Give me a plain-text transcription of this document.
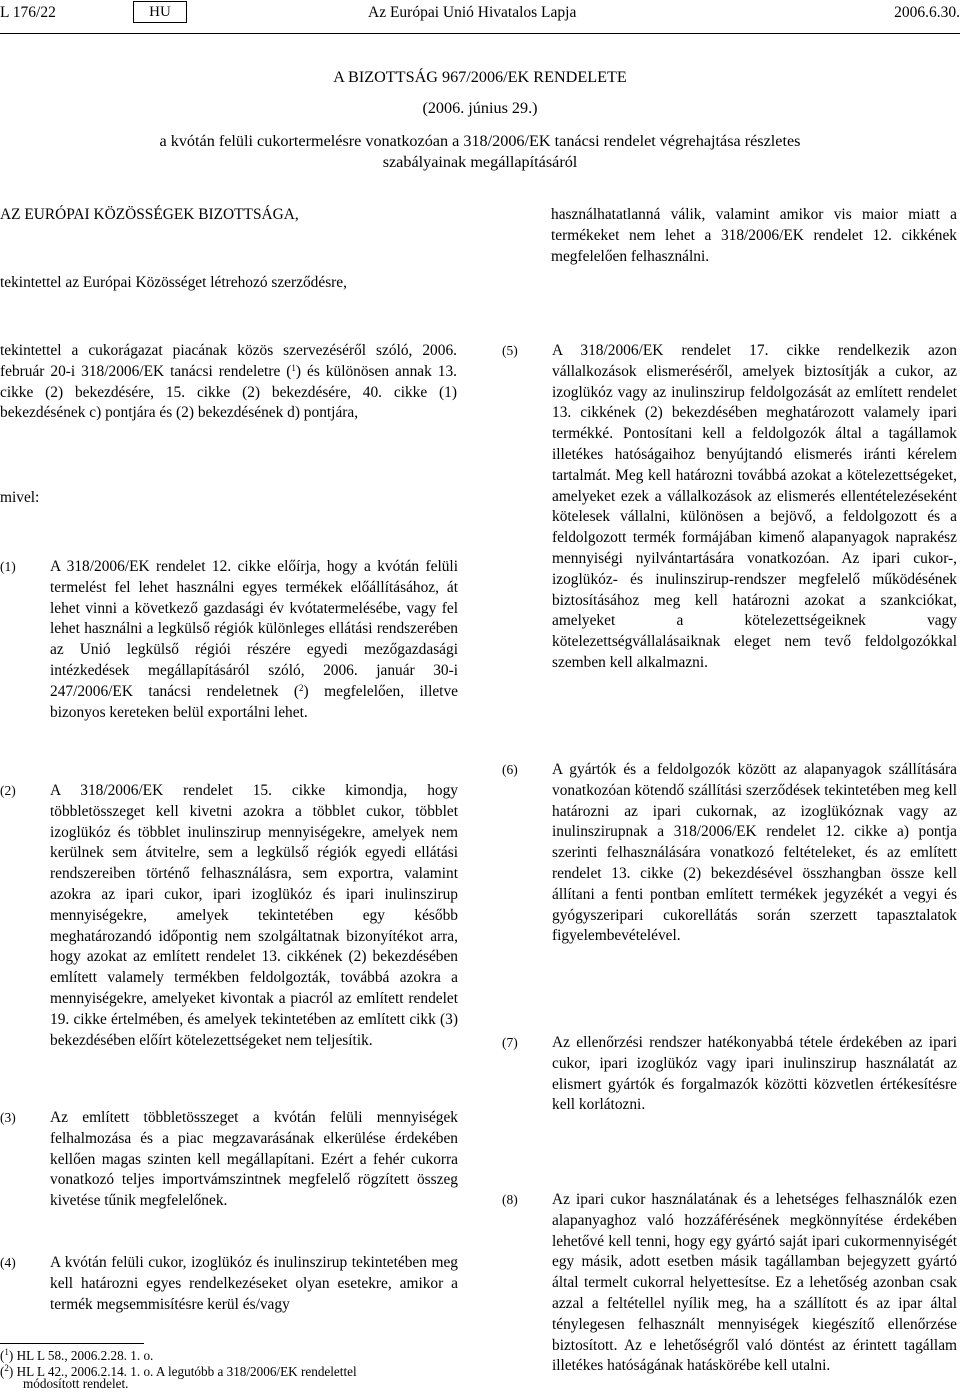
L 176/22	HU	Az Európai Unió Hivatalos Lapja	2006.6.30.
A BIZOTTSÁG 967/2006/EK RENDELETE
(2006. június 29.)
a kvótán felüli cukortermelésre vonatkozóan a 318/2006/EK tanácsi rendelet végrehajtása részletes
szabályainak megállapításáról
AZ EURÓPAI KÖZÖSSÉGEK BIZOTTSÁGA,
tekintettel az Európai Közösséget létrehozó szerződésre,
tekintettel a cukorágazat piacának közös szervezéséről szóló, 2006. február 20-i 318/2006/EK tanácsi rendeletre ($^1$) és különösen annak 13. cikke (2) bekezdésére, 15. cikke (2) bekezdésére, 40. cikke (1) bekezdésének c) pontjára és (2) bekezdésének d) pontjára,
mivel:
(1) A 318/2006/EK rendelet 12. cikke előírja, hogy a kvótán felüli termelést fel lehet használni egyes termékek előállításához, át lehet vinni a következő gazdasági év kvótatermelésébe, vagy fel lehet használni a legkülső régiók különleges ellátási rendszerében az Unió legkülső régiói részére egyedi mezőgazdasági intézkedések megállapításáról szóló, 2006. január 30-i 247/2006/EK tanácsi rendeletnek ($^2$) megfelelően, illetve bizonyos kereteken belül exportálni lehet.
(2) A 318/2006/EK rendelet 15. cikke kimondja, hogy többletösszeget kell kivetni azokra a többlet cukor, többlet izoglükóz és többlet inulinszirup mennyiségekre, amelyek nem kerülnek sem átvitelre, sem a legkülső régiók egyedi ellátási rendszereiben történő felhasználásra, sem exportra, valamint azokra az ipari cukor, ipari izoglükóz és ipari inulinszirup mennyiségekre, amelyek tekintetében egy később meghatározandó időpontig nem szolgáltatnak bizonyítékot arra, hogy azokat az említett rendelet 13. cikkének (2) bekezdésében említett valamely termékben feldolgozták, továbbá azokra a mennyiségekre, amelyeket kivontak a piacról az említett rendelet 19. cikke értelmében, és amelyek tekintetében az említett cikk (3) bekezdésében előírt kötelezettségeket nem teljesítik.
(3) Az említett többletösszeget a kvótán felüli mennyiségek felhalmozása és a piac megzavarásának elkerülése érdekében kellően magas szinten kell megállapítani. Ezért a fehér cukorra vonatkozó teljes importvámszintnek megfelelő rögzített összeg kivetése tűnik megfelelőnek.
(4) A kvótán felüli cukor, izoglükóz és inulinszirup tekintetében meg kell határozni egyes rendelkezéseket olyan esetekre, amikor a termék megsemmisítésre kerül és/vagy
($^1$) HL L 58., 2006.2.28. 1. o.
($^2$) HL L 42., 2006.2.14. 1. o. A legutóbb a 318/2006/EK rendelettel
módosított rendelet.
használhatatlanná válik, valamint amikor vis maior miatt a termékeket nem lehet a 318/2006/EK rendelet 12. cikkének megfelelően felhasználni.
(5) A 318/2006/EK rendelet 17. cikke rendelkezik azon vállalkozások elismeréséről, amelyek biztosítják a cukor, az izoglükóz vagy az inulinszirup feldolgozását az említett rendelet 13. cikkének (2) bekezdésében meghatározott valamely ipari termékké. Pontosítani kell a feldolgozók által a tagállamok illetékes hatóságaihoz benyújtandó elismerés iránti kérelem tartalmát. Meg kell határozni továbbá azokat a kötelezettségeket, amelyeket ezek a vállalkozások az elismerés ellentételezéseként kötelesek vállalni, különösen a bejövő, a feldolgozott és a feldolgozott termék formájában kimenő alapanyagok naprakész mennyiségi nyilvántartására vonatkozóan. Az ipari cukor-, izoglükóz- és inulinszirup-rendszer megfelelő működésének biztosításához meg kell határozni azokat a szankciókat, amelyeket a kötelezettségeiknek vagy kötelezettségvállalásaiknak eleget nem tevő feldolgozókkal szemben kell alkalmazni.
(6) A gyártók és a feldolgozók között az alapanyagok szállítására vonatkozóan kötendő szállítási szerződések tekintetében meg kell határozni az ipari cukornak, az izoglükóznak vagy az inulinszirupnak a 318/2006/EK rendelet 12. cikke a) pontja szerinti felhasználására vonatkozó feltételeket, és az említett rendelet 13. cikke (2) bekezdésével összhangban össze kell állítani a fenti pontban említett termékek jegyzékét a vegyi és gyógyszeripari cukorellátás során szerzett tapasztalatok figyelembevételével.
(7) Az ellenőrzési rendszer hatékonyabbá tétele érdekében az ipari cukor, ipari izoglükóz vagy ipari inulinszirup használatát az elismert gyártók és forgalmazók közötti közvetlen értékesítésre kell korlátozni.
(8) Az ipari cukor használatának és a lehetséges felhasználók ezen alapanyaghoz való hozzáférésének megkönnyítése érdekében lehetővé kell tenni, hogy egy gyártó saját ipari cukormennyiségét egy másik, adott esetben másik tagállamban bejegyzett gyártó által termelt cukorral helyettesítse. Ez a lehetőség azonban csak azzal a feltétellel nyílik meg, ha a szállított és az ipar által ténylegesen felhasznált mennyiségek kiegészítő ellenőrzése biztosított. Az e lehetőségről való döntést az érintett tagállam illetékes hatóságának hatáskörébe kell utalni.
